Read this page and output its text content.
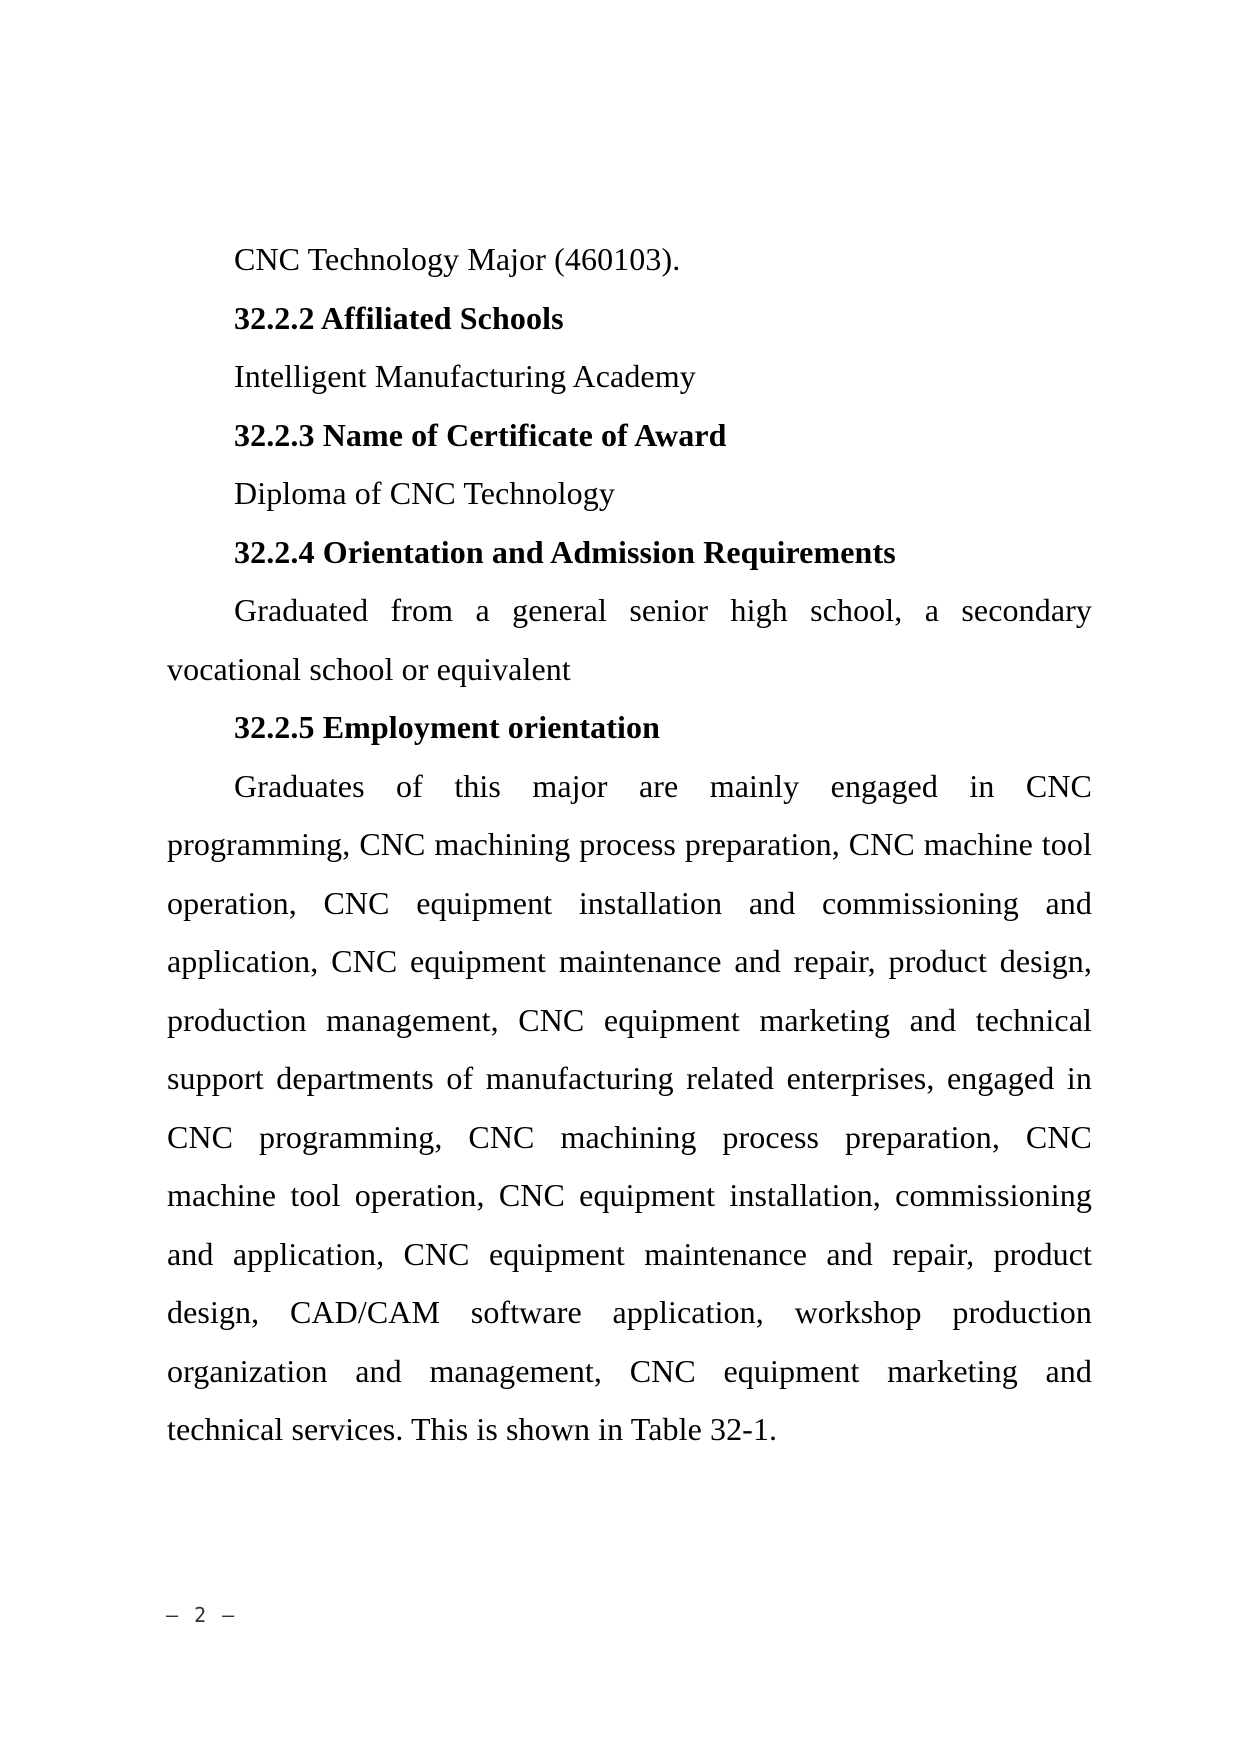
CNC Technology Major (460103).

32.2.2 Affiliated Schools

Intelligent Manufacturing Academy

32.2.3 Name of Certificate of Award

Diploma of CNC Technology

32.2.4 Orientation and Admission Requirements

Graduated from a general senior high school, a secondary vocational school or equivalent

32.2.5 Employment orientation

Graduates of this major are mainly engaged in CNC programming, CNC machining process preparation, CNC machine tool operation, CNC equipment installation and commissioning and application, CNC equipment maintenance and repair, product design, production management, CNC equipment marketing and technical support departments of manufacturing related enterprises, engaged in CNC programming, CNC machining process preparation, CNC machine tool operation, CNC equipment installation, commissioning and application, CNC equipment maintenance and repair, product design, CAD/CAM software application, workshop production organization and management, CNC equipment marketing and technical services. This is shown in Table 32-1.

– 2 –
